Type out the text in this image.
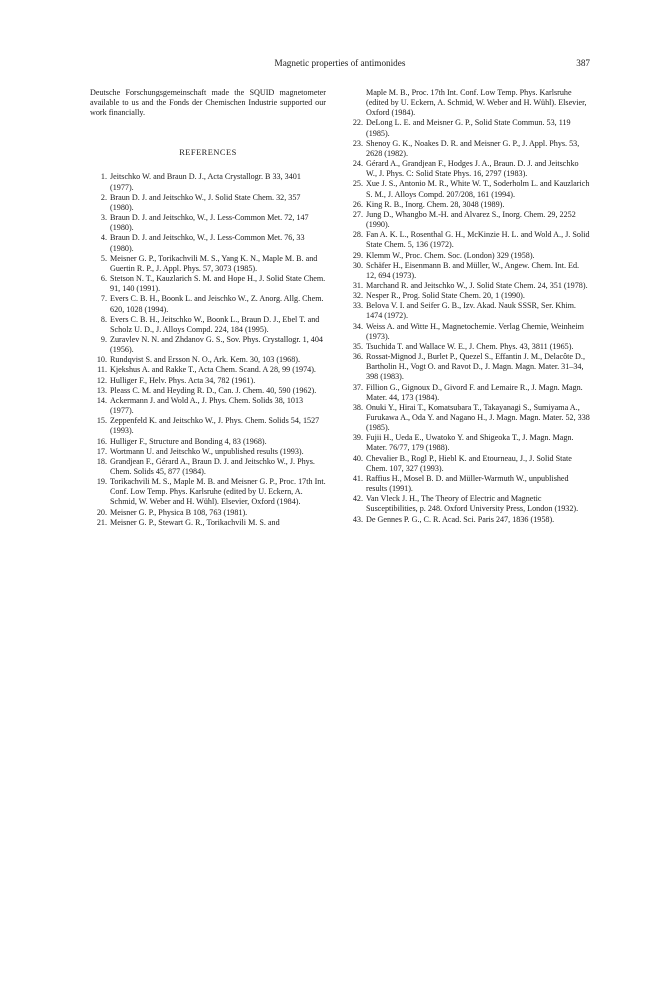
Magnetic properties of antimonides	387

Deutsche Forschungsgemeinschaft made the SQUID magnetometer available to us and the Fonds der Chemischen Industrie supported our work financially.

REFERENCES
1. Jeitschko W. and Braun D. J., Acta Crystallogr. B 33, 3401 (1977).
2. Braun D. J. and Jeitschko W., J. Solid State Chem. 32, 357 (1980).
3. Braun D. J. and Jeitschko, W., J. Less-Common Met. 72, 147 (1980).
4. Braun D. J. and Jeitschko, W., J. Less-Common Met. 76, 33 (1980).
5. Meisner G. P., Torikachvili M. S., Yang K. N., Maple M. B. and Guertin R. P., J. Appl. Phys. 57, 3073 (1985).
6. Stetson N. T., Kauzlarich S. M. and Hope H., J. Solid State Chem. 91, 140 (1991).
7. Evers C. B. H., Boonk L. and Jeischko W., Z. Anorg. Allg. Chem. 620, 1028 (1994).
8. Evers C. B. H., Jeitschko W., Boonk L., Braun D. J., Ebel T. and Scholz U. D., J. Alloys Compd. 224, 184 (1995).
9. Zuravlev N. N. and Zhdanov G. S., Sov. Phys. Crystallogr. 1, 404 (1956).
10. Rundqvist S. and Ersson N. O., Ark. Kem. 30, 103 (1968).
11. Kjekshus A. and Rakke T., Acta Chem. Scand. A 28, 99 (1974).
12. Hulliger F., Helv. Phys. Acta 34, 782 (1961).
13. Pleass C. M. and Heyding R. D., Can. J. Chem. 40, 590 (1962).
14. Ackermann J. and Wold A., J. Phys. Chem. Solids 38, 1013 (1977).
15. Zeppenfeld K. and Jeitschko W., J. Phys. Chem. Solids 54, 1527 (1993).
16. Hulliger F., Structure and Bonding 4, 83 (1968).
17. Wortmann U. and Jeitschko W., unpublished results (1993).
18. Grandjean F., Gérard A., Braun D. J. and Jeitschko W., J. Phys. Chem. Solids 45, 877 (1984).
19. Torikachvili M. S., Maple M. B. and Meisner G. P., Proc. 17th Int. Conf. Low Temp. Phys. Karlsruhe (edited by U. Eckern, A. Schmid, W. Weber and H. Wühl). Elsevier, Oxford (1984).
20. Meisner G. P., Physica B 108, 763 (1981).
21. Meisner G. P., Stewart G. R., Torikachvili M. S. and

Maple M. B., Proc. 17th Int. Conf. Low Temp. Phys. Karlsruhe (edited by U. Eckern, A. Schmid, W. Weber and H. Wühl). Elsevier, Oxford (1984).

22. DeLong L. E. and Meisner G. P., Solid State Commun. 53, 119 (1985).
23. Shenoy G. K., Noakes D. R. and Meisner G. P., J. Appl. Phys. 53, 2628 (1982).
24. Gérard A., Grandjean F., Hodges J. A., Braun. D. J. and Jeitschko W., J. Phys. C: Solid State Phys. 16, 2797 (1983).
25. Xue J. S., Antonio M. R., White W. T., Soderholm L. and Kauzlarich S. M., J. Alloys Compd. 207/208, 161 (1994).
26. King R. B., Inorg. Chem. 28, 3048 (1989).
27. Jung D., Whangbo M.-H. and Alvarez S., Inorg. Chem. 29, 2252 (1990).
28. Fan A. K. L., Rosenthal G. H., McKinzie H. L. and Wold A., J. Solid State Chem. 5, 136 (1972).
29. Klemm W., Proc. Chem. Soc. (London) 329 (1958).
30. Schäfer H., Eisenmann B. and Müller, W., Angew. Chem. Int. Ed. 12, 694 (1973).
31. Marchand R. and Jeitschko W., J. Solid State Chem. 24, 351 (1978).
32. Nesper R., Prog. Solid State Chem. 20, 1 (1990).
33. Belova V. I. and Seifer G. B., Izv. Akad. Nauk SSSR, Ser. Khim. 1474 (1972).
34. Weiss A. and Witte H., Magnetochemie. Verlag Chemie, Weinheim (1973).
35. Tsuchida T. and Wallace W. E., J. Chem. Phys. 43, 3811 (1965).
36. Rossat-Mignod J., Burlet P., Quezel S., Effantin J. M., Delacôte D., Bartholin H., Vogt O. and Ravot D., J. Magn. Magn. Mater. 31–34, 398 (1983).
37. Fillion G., Gignoux D., Givord F. and Lemaire R., J. Magn. Magn. Mater. 44, 173 (1984).
38. Onuki Y., Hirai T., Komatsubara T., Takayanagi S., Sumiyama A., Furukawa A., Oda Y. and Nagano H., J. Magn. Magn. Mater. 52, 338 (1985).
39. Fujii H., Ueda E., Uwatoko Y. and Shigeoka T., J. Magn. Magn. Mater. 76/77, 179 (1988).
40. Chevalier B., Rogl P., Hiebl K. and Etourneau, J., J. Solid State Chem. 107, 327 (1993).
41. Raffius H., Mosel B. D. and Müller-Warmuth W., unpublished results (1991).
42. Van Vleck J. H., The Theory of Electric and Magnetic Susceptibilities, p. 248. Oxford University Press, London (1932).
43. De Gennes P. G., C. R. Acad. Sci. Paris 247, 1836 (1958).
